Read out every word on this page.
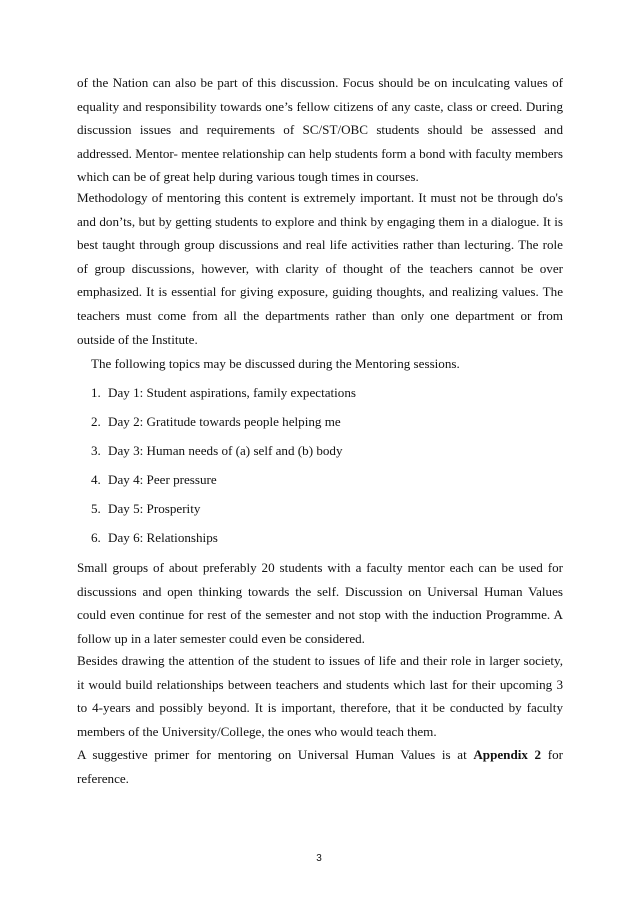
of the Nation can also be part of this discussion. Focus should be on inculcating values of equality and responsibility towards one’s fellow citizens of any caste, class or creed. During discussion issues and requirements of SC/ST/OBC students should be assessed and addressed. Mentor- mentee relationship can help students form a bond with faculty members which can be of great help during various tough times in courses.

Methodology of mentoring this content is extremely important. It must not be through do's and don’ts, but by getting students to explore and think by engaging them in a dialogue. It is best taught through group discussions and real life activities rather than lecturing. The role of group discussions, however, with clarity of thought of the teachers cannot be over emphasized. It is essential for giving exposure, guiding thoughts, and realizing values. The teachers must come from all the departments rather than only one department or from outside of the Institute.

The following topics may be discussed during the Mentoring sessions.

1. Day 1: Student aspirations, family expectations

2. Day 2: Gratitude towards people helping me

3. Day 3: Human needs of (a) self and (b) body

4. Day 4: Peer pressure

5. Day 5: Prosperity

6. Day 6: Relationships

Small groups of about preferably 20 students with a faculty mentor each can be used for discussions and open thinking towards the self. Discussion on Universal Human Values could even continue for rest of the semester and not stop with the induction Programme. A follow up in a later semester could even be considered.

Besides drawing the attention of the student to issues of life and their role in larger society, it would build relationships between teachers and students which last for their upcoming 3 to 4-years and possibly beyond. It is important, therefore, that it be conducted by faculty members of the University/College, the ones who would teach them.

A suggestive primer for mentoring on Universal Human Values is at Appendix 2 for reference.

3
